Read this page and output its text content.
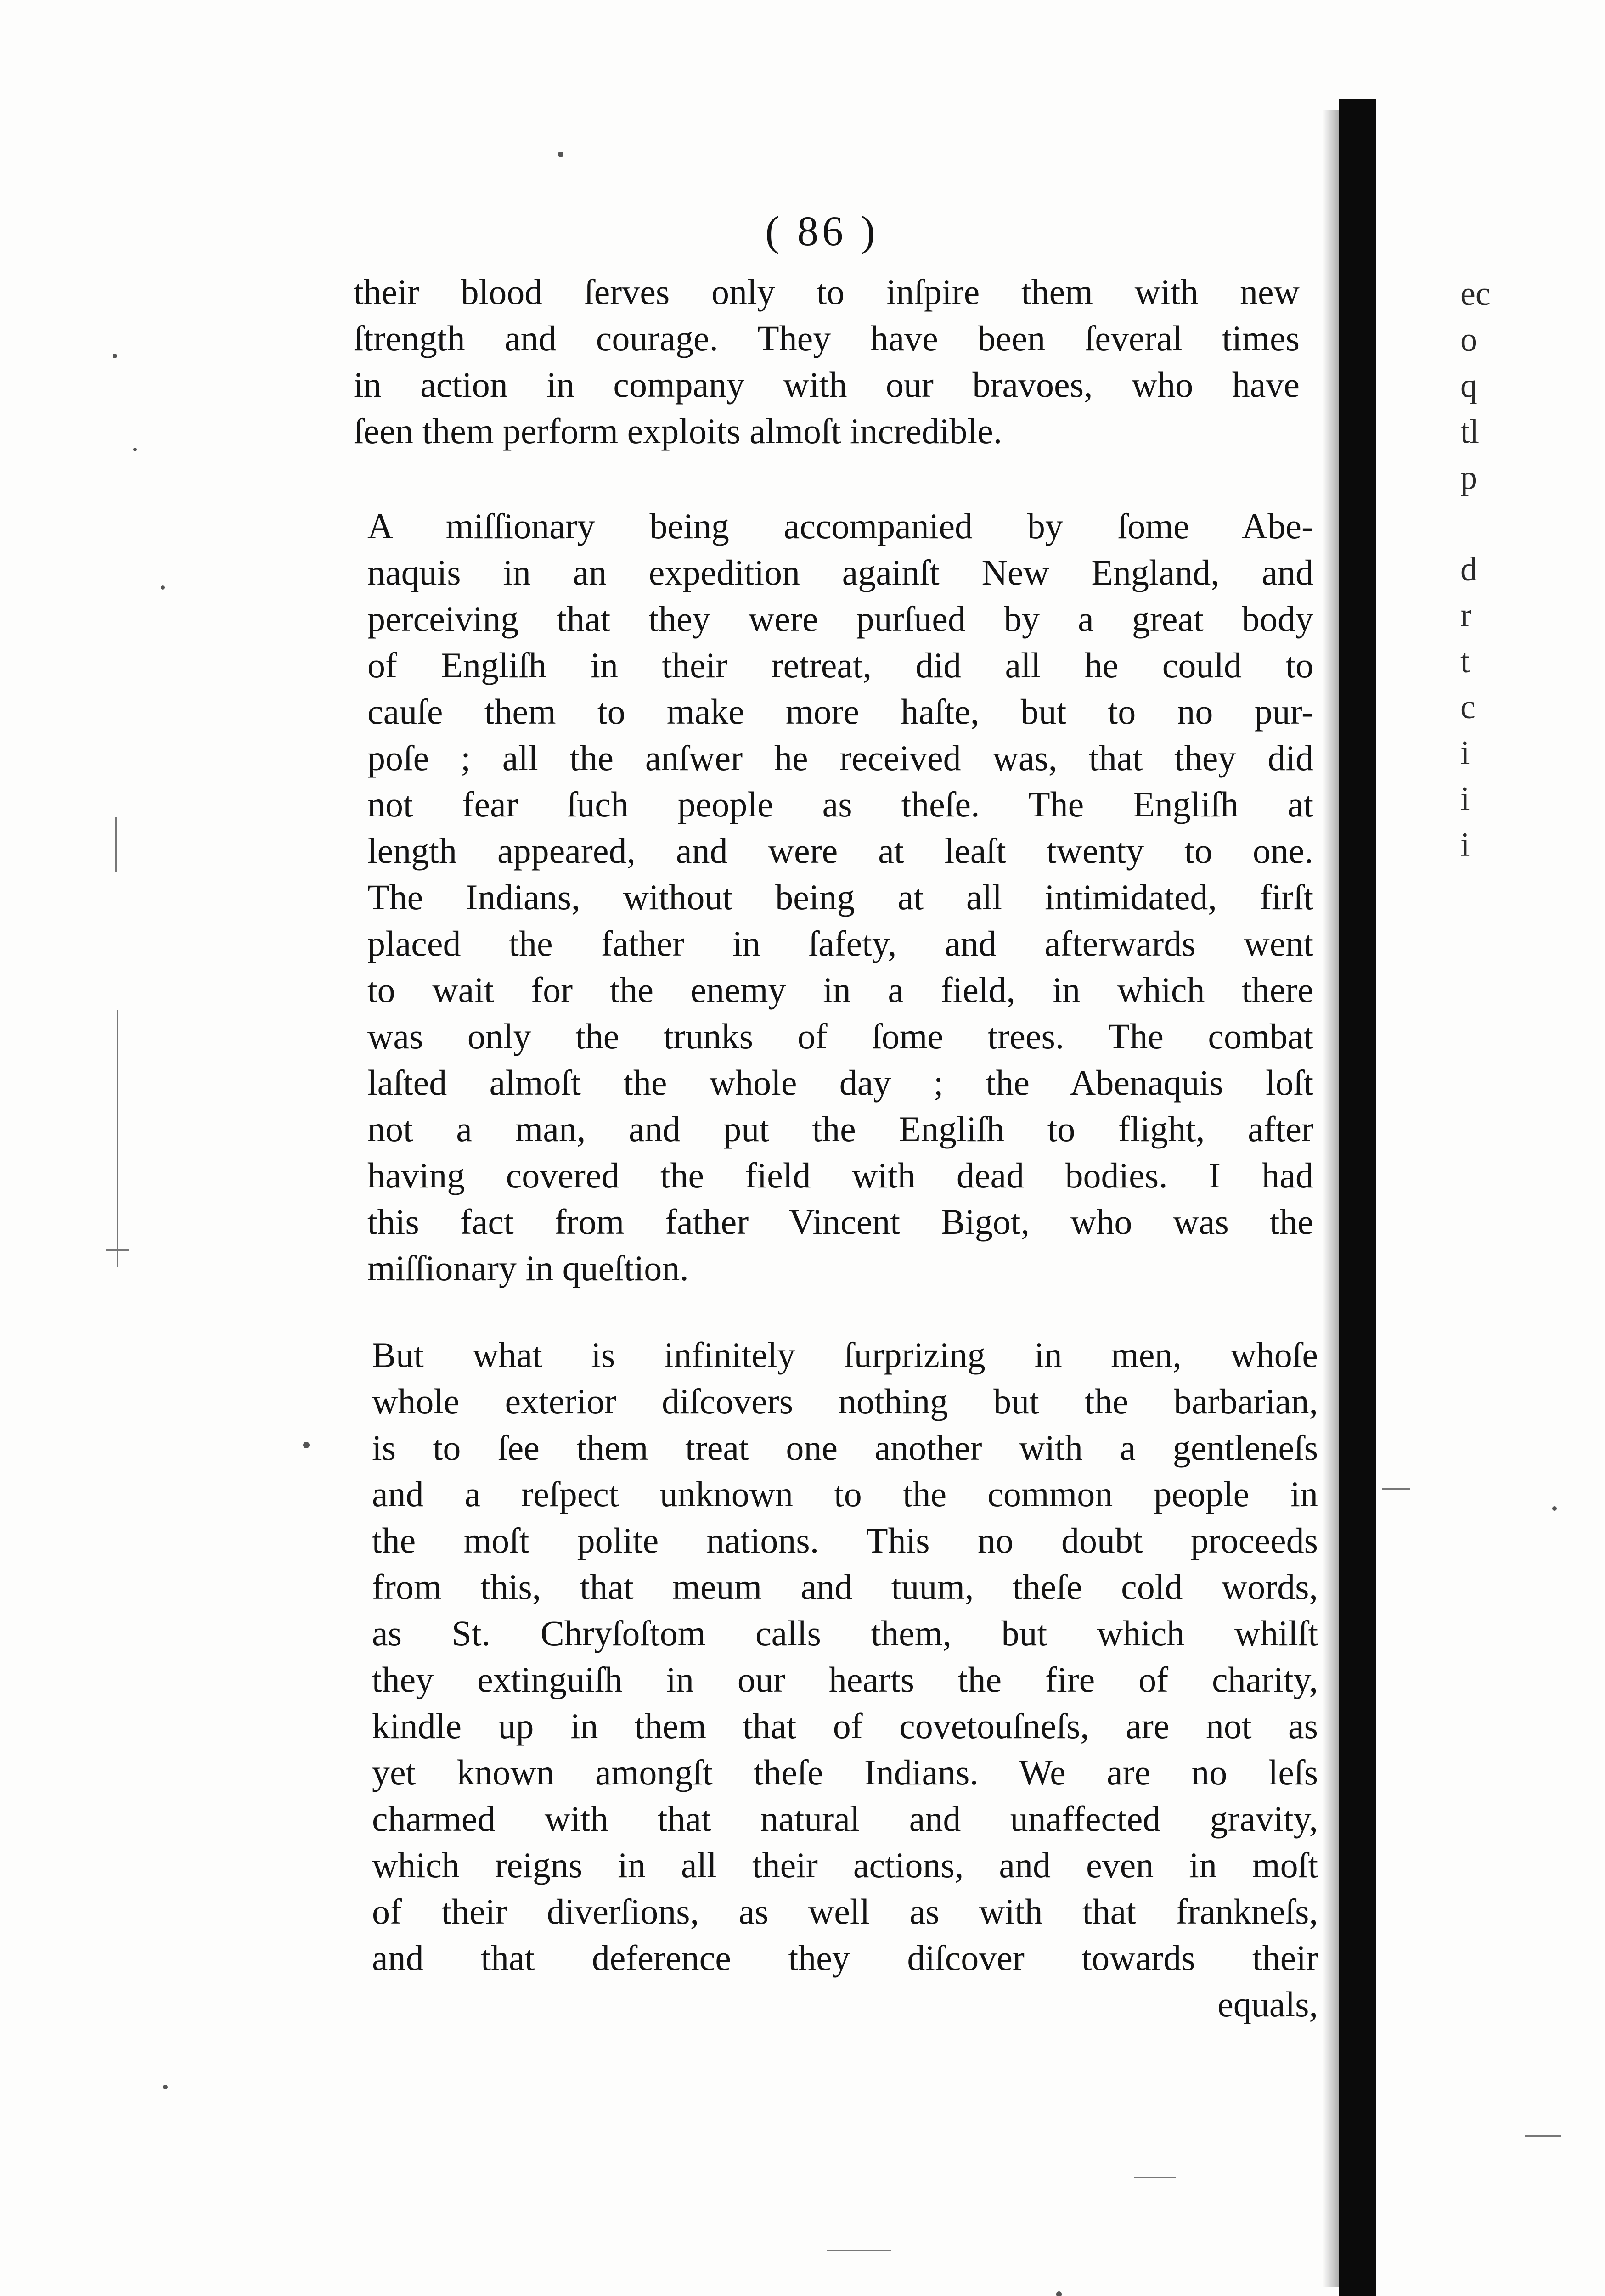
( 86 )
their blood ſerves only to inſpire them with new
ſtrength and courage. They have been ſeveral times
in action in company with our bravoes, who have
ſeen them perform exploits almoſt incredible.
A miſſionary being accompanied by ſome Abe-
naquis in an expedition againſt New England, and
perceiving that they were purſued by a great body
of Engliſh in their retreat, did all he could to
cauſe them to make more haſte, but to no pur-
poſe ; all the anſwer he received was, that they did
not fear ſuch people as theſe. The Engliſh at
length appeared, and were at leaſt twenty to one.
The Indians, without being at all intimidated, firſt
placed the father in ſafety, and afterwards went
to wait for the enemy in a field, in which there
was only the trunks of ſome trees. The combat
laſted almoſt the whole day ; the Abenaquis loſt
not a man, and put the Engliſh to flight, after
having covered the field with dead bodies. I had
this fact from father Vincent Bigot, who was the
miſſionary in queſtion.
But what is infinitely ſurprizing in men, whoſe
whole exterior diſcovers nothing but the barbarian,
is to ſee them treat one another with a gentleneſs
and a reſpect unknown to the common people in
the moſt polite nations. This no doubt proceeds
from this, that meum and tuum, theſe cold words,
as St. Chryſoſtom calls them, but which whilſt
they extinguiſh in our hearts the fire of charity,
kindle up in them that of covetouſneſs, are not as
yet known amongſt theſe Indians. We are no leſs
charmed with that natural and unaffected gravity,
which reigns in all their actions, and even in moſt
of their diverſions, as well as with that frankneſs,
and that deference they diſcover towards their
equals,
ec
o
q
tl
p
d
r
t
c
i
i
i
